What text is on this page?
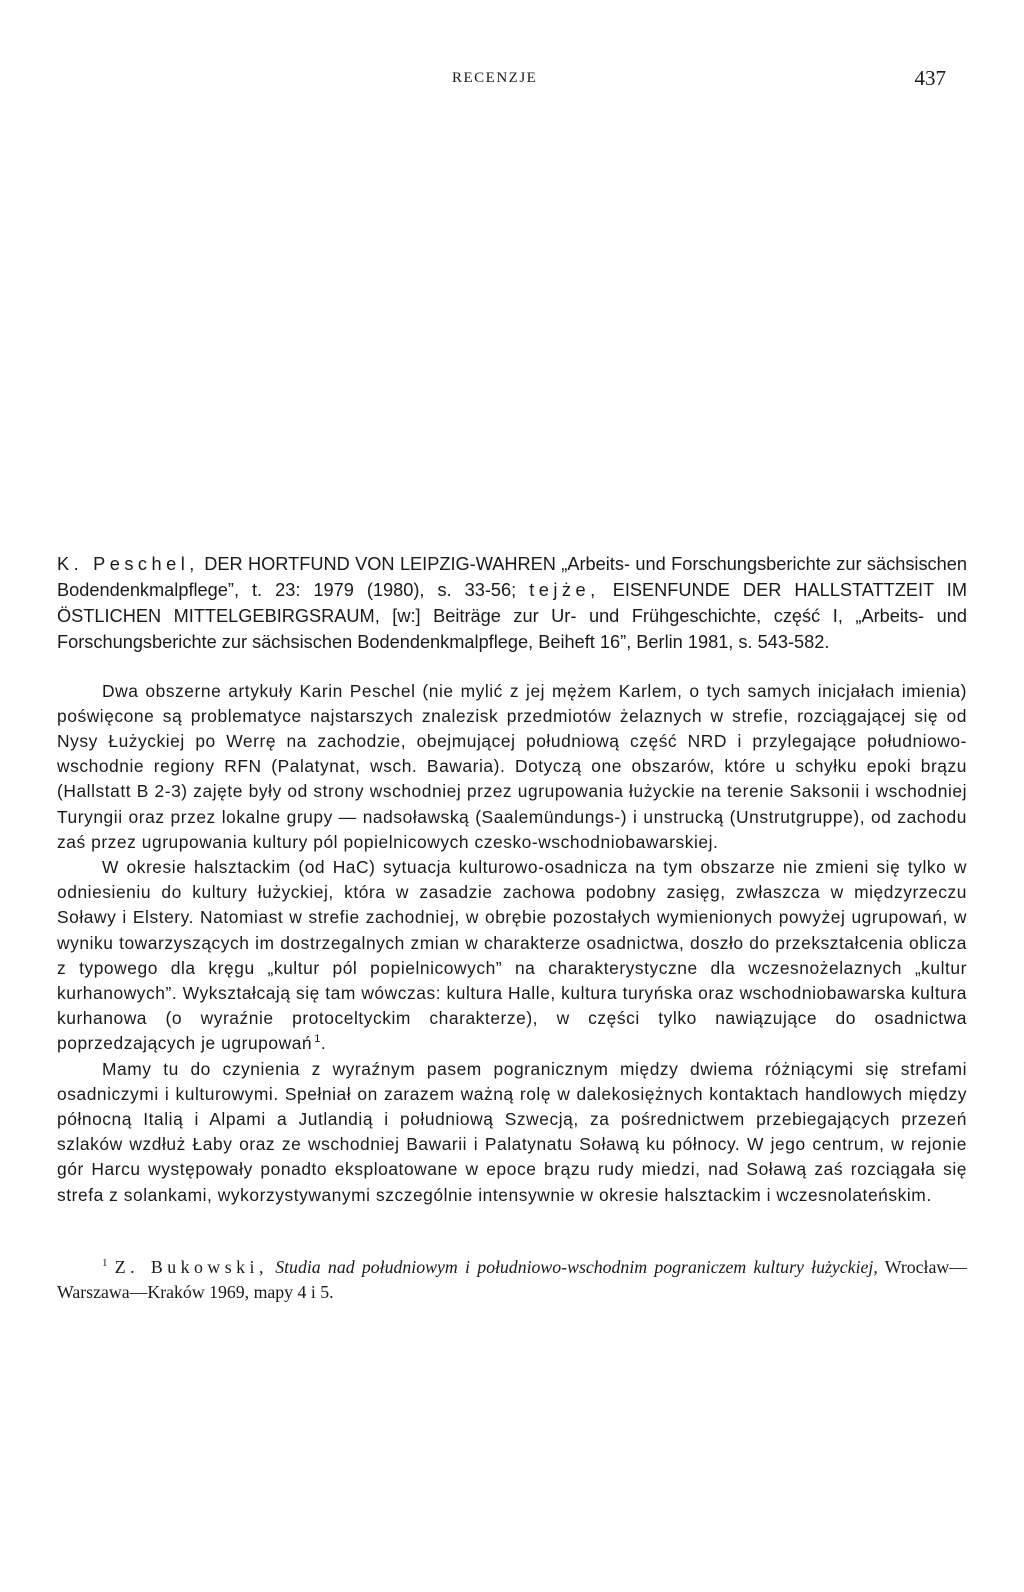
RECENZJE	437

K. Peschel, DER HORTFUND VON LEIPZIG-WAHREN „Arbeits- und Forschungsberichte zur sächsischen Bodendenkmalpflege”, t. 23: 1979 (1980), s. 33-56; tejże, EISENFUNDE DER HALLSTATTZEIT IM ÖSTLICHEN MITTELGEBIRGSRAUM, [w:] Beiträge zur Ur- und Frühgeschichte, część I, „Arbeits- und Forschungsberichte zur sächsischen Bodendenkmalpflege, Beiheft 16”, Berlin 1981, s. 543-582.

Dwa obszerne artykuły Karin Peschel (nie mylić z jej mężem Karlem, o tych samych inicjałach imienia) poświęcone są problematyce najstarszych znalezisk przedmiotów żelaznych w strefie, rozciągającej się od Nysy Łużyckiej po Werrę na zachodzie, obejmującej południową część NRD i przylegające południowo-wschodnie regiony RFN (Palatynat, wsch. Bawaria). Dotyczą one obszarów, które u schyłku epoki brązu (Hallstatt B 2-3) zajęte były od strony wschodniej przez ugrupowania łużyckie na terenie Saksonii i wschodniej Turyngii oraz przez lokalne grupy — nadsoławską (Saalemündungs-) i unstrucką (Unstrutgruppe), od zachodu zaś przez ugrupowania kultury pól popielnicowych czesko-wschodniobawarskiej.

W okresie halsztackim (od HaC) sytuacja kulturowo-osadnicza na tym obszarze nie zmieni się tylko w odniesieniu do kultury łużyckiej, która w zasadzie zachowa podobny zasięg, zwłaszcza w międzyrzeczu Soławy i Elstery. Natomiast w strefie zachodniej, w obrębie pozostałych wymienionych powyżej ugrupowań, w wyniku towarzyszących im dostrzegalnych zmian w charakterze osadnictwa, doszło do przekształcenia oblicza z typowego dla kręgu „kultur pól popielnicowych” na charakterystyczne dla wczesnożelaznych „kultur kurhanowych”. Wykształcają się tam wówczas: kultura Halle, kultura turyńska oraz wschodniobawarska kultura kurhanowa (o wyraźnie protoceltyckim charakterze), w części tylko nawiązujące do osadnictwa poprzedzających je ugrupowań  $^1$.

Mamy tu do czynienia z wyraźnym pasem pogranicznym między dwiema różniącymi się strefami osadniczymi i kulturowymi. Spełniał on zarazem ważną rolę w dalekosiężnych kontaktach handlowych między północną Italią i Alpami a Jutlandią i południową Szwecją, za pośrednictwem przebiegających przezeń szlaków wzdłuż Łaby oraz ze wschodniej Bawarii i Palatynatu Soławą ku północy. W jego centrum, w rejonie gór Harcu występowały ponadto eksploatowane w epoce brązu rudy miedzi, nad Soławą zaś rozciągała się strefa z solankami, wykorzystywanymi szczególnie intensywnie w okresie halsztackim i wczesnolateńskim.

$^1$ Z. Bukowski, Studia nad południowym i południowo-wschodnim pograniczem kultury łużyckiej, Wrocław—Warszawa—Kraków 1969, mapy 4 i 5.
